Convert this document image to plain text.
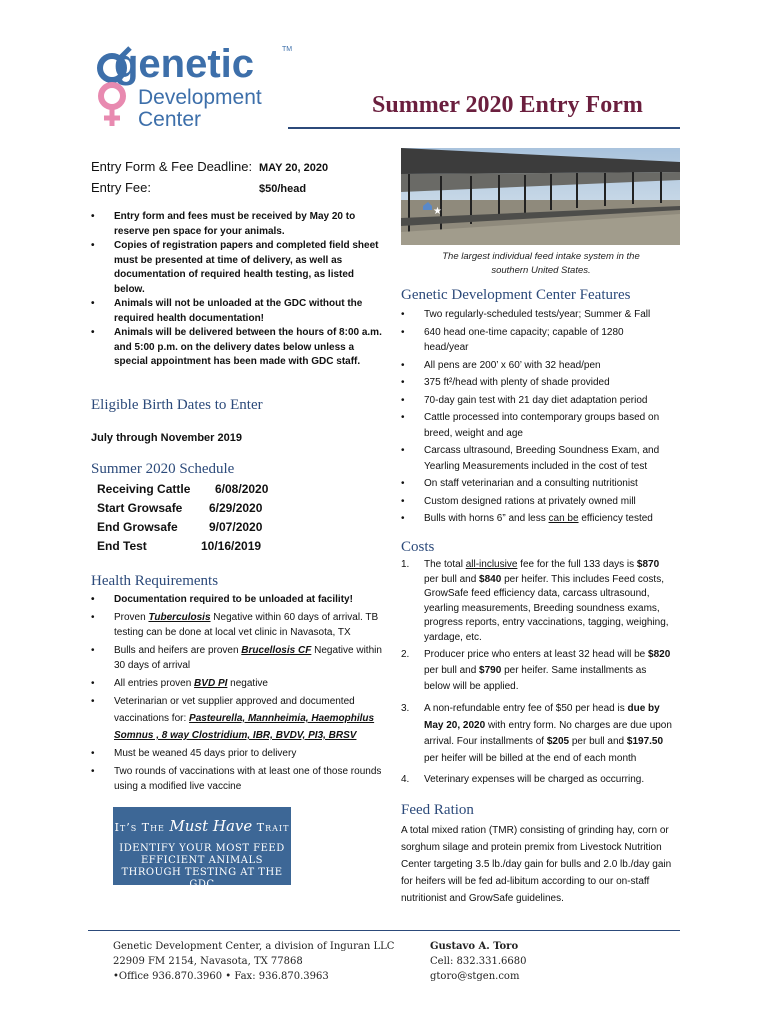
genetic	TM
Development
Center
Summer 2020 Entry Form
Entry Form & Fee Deadline: MAY 20, 2020
Entry Fee:	$50/head
• Entry form and fees must be received by May 20 to reserve pen space for your animals.
• Copies of registration papers and completed field sheet must be presented at time of delivery, as well as documentation of required health testing, as listed below.
• Animals will not be unloaded at the GDC without the required health documentation!
• Animals will be delivered between the hours of 8:00 a.m. and 5:00 p.m. on the delivery dates below unless a special appointment has been made with GDC staff.
Eligible Birth Dates to Enter
July through November 2019
Summer 2020 Schedule
Receiving Cattle	6/08/2020
Start Growsafe	6/29/2020
End Growsafe	9/07/2020
End Test	10/16/2019
Health Requirements
• Documentation required to be unloaded at facility!
• Proven Tuberculosis Negative within 60 days of arrival. TB testing can be done at local vet clinic in Navasota, TX
• Bulls and heifers are proven Brucellosis CF Negative within 30 days of arrival
• All entries proven BVD PI negative
• Veterinarian or vet supplier approved and documented vaccinations for: Pasteurella, Mannheimia, Haemophilus Somnus , 8 way Clostridium, IBR, BVDV, PI3, BRSV
• Must be weaned 45 days prior to delivery
• Two rounds of vaccinations with at least one of those rounds using a modified live vaccine
★
The largest individual feed intake system in the southern United States.
Genetic Development Center Features
• Two regularly-scheduled tests/year; Summer & Fall
• 640 head one-time capacity; capable of 1280 head/year
• All pens are 200’ x 60’ with 32 head/pen
• 375 ft²/head with plenty of shade provided
• 70-day gain test with 21 day diet adaptation period
• Cattle processed into contemporary groups based on breed, weight and age
• Carcass ultrasound, Breeding Soundness Exam, and Yearling Measurements included in the cost of test
• On staff veterinarian and a consulting nutritionist
• Custom designed rations at privately owned mill
• Bulls with horns 6” and less can be efficiency tested
Costs
1. The total all-inclusive fee for the full 133 days is $870 per bull and $840 per heifer. This includes Feed costs, GrowSafe feed efficiency data, carcass ultrasound, yearling measurements, Breeding soundness exams, progress reports, entry vaccinations, tagging, weighing, yardage, etc.
2. Producer price who enters at least 32 head will be $820 per bull and $790 per heifer. Same installments as below will be applied.
3. A non-refundable entry fee of $50 per head is due by May 20, 2020 with entry form. No charges are due upon arrival. Four installments of $205 per bull and $197.50 per heifer will be billed at the end of each month
4. Veterinary expenses will be charged as occurring.
Feed Ration
A total mixed ration (TMR) consisting of grinding hay, corn or sorghum silage and protein premix from Livestock Nutrition Center targeting 3.5 lb./day gain for bulls and 2.0 lb./day gain for heifers will be fed ad-libitum according to our on-staff nutritionist and GrowSafe guidelines.
It’s The Must Have Trait
IDENTIFY YOUR MOST FEED EFFICIENT ANIMALS THROUGH TESTING AT THE GDC
Genetic Development Center, a division of Inguran LLC
22909 FM 2154, Navasota, TX 77868
•Office 936.870.3960 • Fax: 936.870.3963
Gustavo A. Toro
Cell: 832.331.6680
gtoro@stgen.com
